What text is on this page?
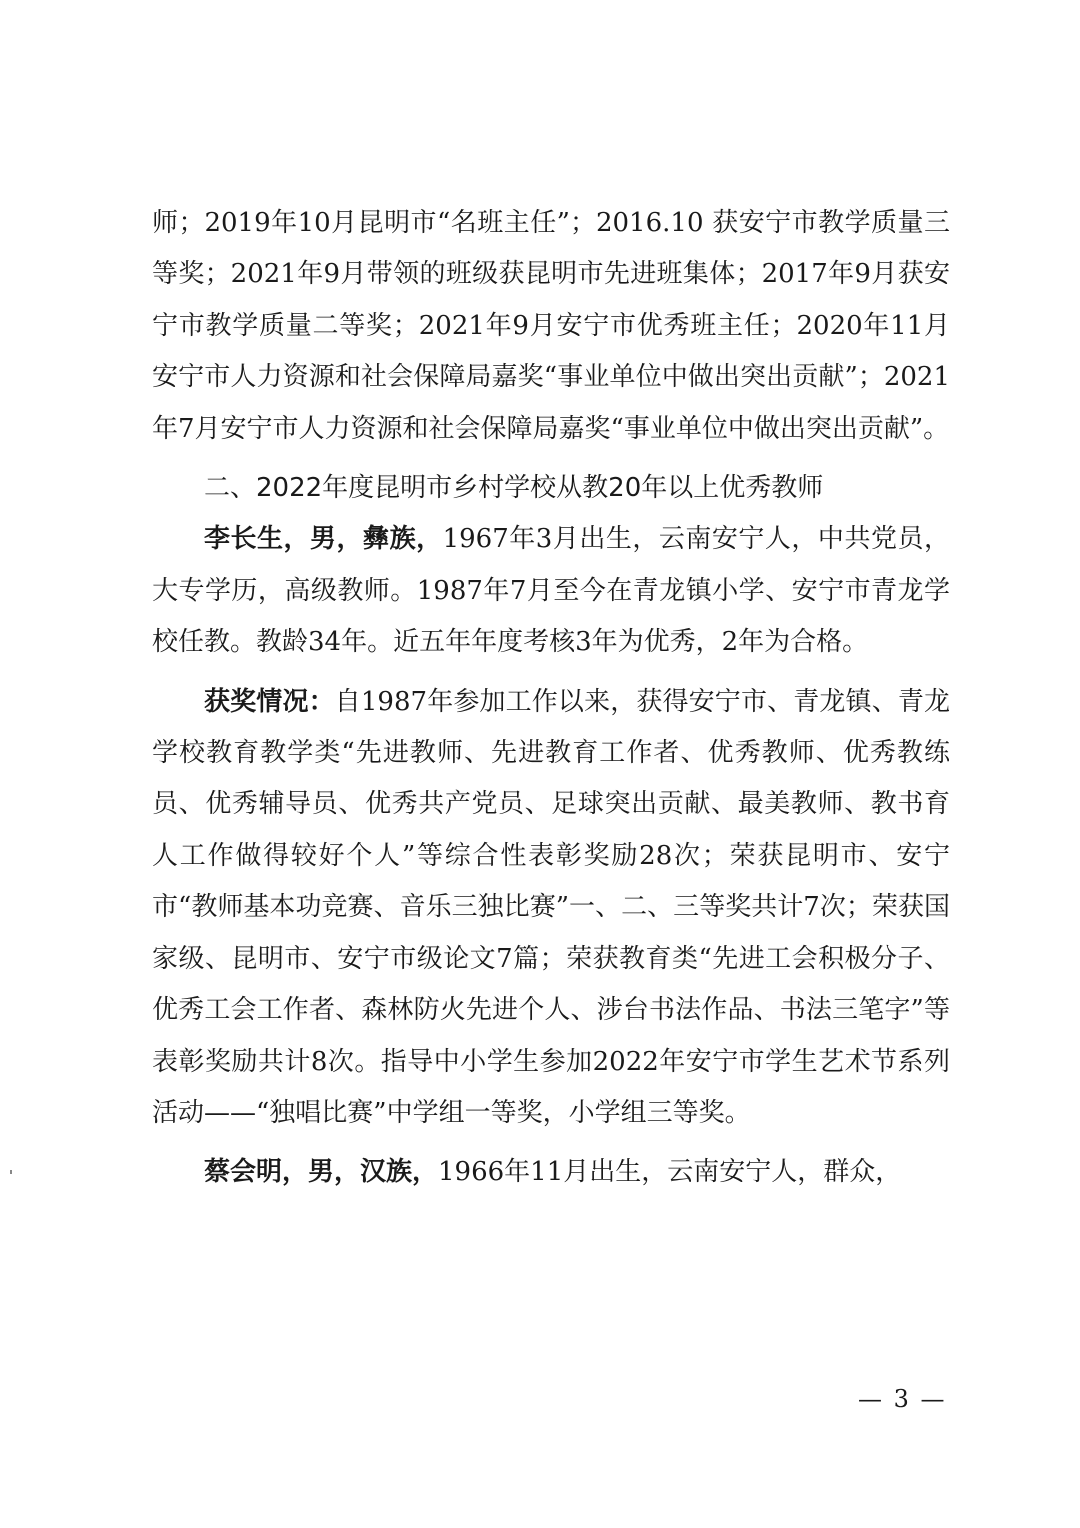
师；2019年10月昆明市“名班主任”；2016.10 获安宁市教学质量三等奖；2021年9月带领的班级获昆明市先进班集体；2017年9月获安宁市教学质量二等奖；2021年9月安宁市优秀班主任；2020年11月安宁市人力资源和社会保障局嘉奖“事业单位中做出突出贡献”；2021年7月安宁市人力资源和社会保障局嘉奖“事业单位中做出突出贡献”。

二、2022年度昆明市乡村学校从教20年以上优秀教师

李长生，男，彝族，1967年3月出生，云南安宁人，中共党员，大专学历，高级教师。1987年7月至今在青龙镇小学、安宁市青龙学校任教。教龄34年。近五年年度考核3年为优秀，2年为合格。

获奖情况：自1987年参加工作以来，获得安宁市、青龙镇、青龙学校教育教学类“先进教师、先进教育工作者、优秀教师、优秀教练员、优秀辅导员、优秀共产党员、足球突出贡献、最美教师、教书育人工作做得较好个人”等综合性表彰奖励28次；荣获昆明市、安宁市“教师基本功竞赛、音乐三独比赛”一、二、三等奖共计7次；荣获国家级、昆明市、安宁市级论文7篇；荣获教育类“先进工会积极分子、优秀工会工作者、森林防火先进个人、涉台书法作品、书法三笔字”等表彰奖励共计8次。指导中小学生参加2022年安宁市学生艺术节系列活动——“独唱比赛”中学组一等奖，小学组三等奖。

蔡会明，男，汉族，1966年11月出生，云南安宁人，群众，

— 3 —
